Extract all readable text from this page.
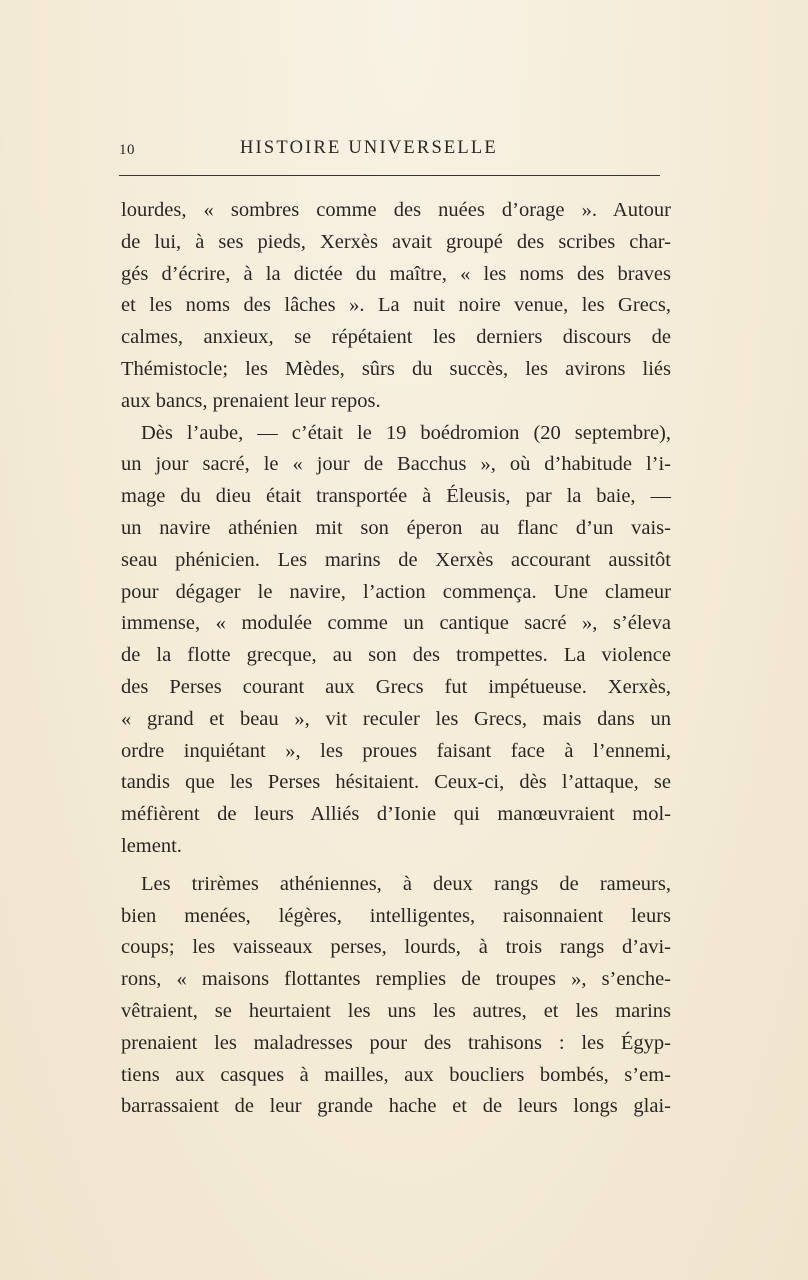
10	HISTOIRE UNIVERSELLE
lourdes, « sombres comme des nuées d’orage ». Autour
de lui, à ses pieds, Xerxès avait groupé des scribes char-
gés d’écrire, à la dictée du maître, « les noms des braves
et les noms des lâches ». La nuit noire venue, les Grecs,
calmes, anxieux, se répétaient les derniers discours de
Thémistocle; les Mèdes, sûrs du succès, les avirons liés
aux bancs, prenaient leur repos.
Dès l’aube, — c’était le 19 boédromion (20 septembre),
un jour sacré, le « jour de Bacchus », où d’habitude l’i-
mage du dieu était transportée à Éleusis, par la baie, —
un navire athénien mit son éperon au flanc d’un vais-
seau phénicien. Les marins de Xerxès accourant aussitôt
pour dégager le navire, l’action commença. Une clameur
immense, « modulée comme un cantique sacré », s’éleva
de la flotte grecque, au son des trompettes. La violence
des Perses courant aux Grecs fut impétueuse. Xerxès,
« grand et beau », vit reculer les Grecs, mais dans un
ordre inquiétant », les proues faisant face à l’ennemi,
tandis que les Perses hésitaient. Ceux-ci, dès l’attaque, se
méfièrent de leurs Alliés d’Ionie qui manœuvraient mol-
lement.
Les trirèmes athéniennes, à deux rangs de rameurs,
bien menées, légères, intelligentes, raisonnaient leurs
coups; les vaisseaux perses, lourds, à trois rangs d’avi-
rons, « maisons flottantes remplies de troupes », s’enche-
vêtraient, se heurtaient les uns les autres, et les marins
prenaient les maladresses pour des trahisons : les Égyp-
tiens aux casques à mailles, aux boucliers bombés, s’em-
barrassaient de leur grande hache et de leurs longs glai-
